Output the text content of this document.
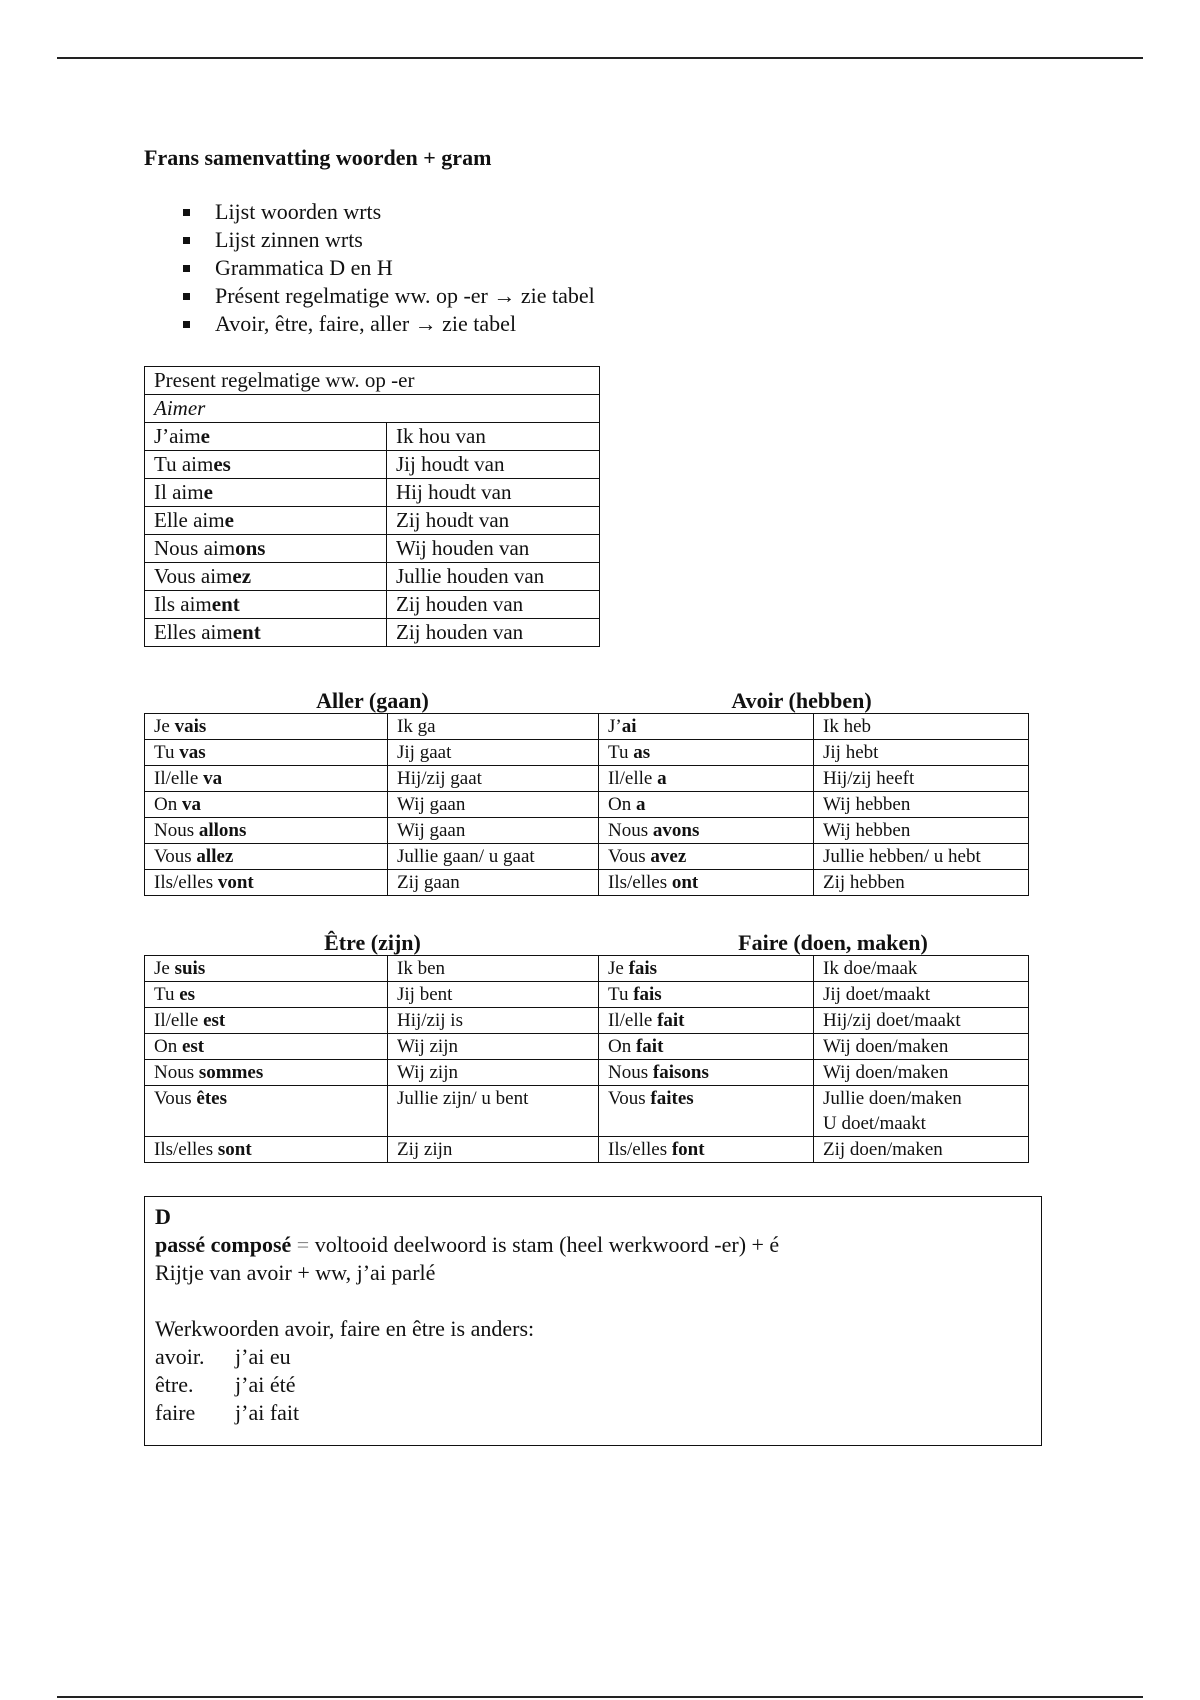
Frans samenvatting woorden + gram
Lijst woorden wrts
Lijst zinnen wrts
Grammatica D en H
Présent regelmatige ww. op -er → zie tabel
Avoir, être, faire, aller → zie tabel
Present regelmatige ww. op -er	
Aimer	
J’aime	Ik hou van
Tu aimes	Jij houdt van
Il aime	Hij houdt van
Elle aime	Zij houdt van
Nous aimons	Wij houden van
Vous aimez	Jullie houden van
Ils aiment	Zij houden van
Elles aiment	Zij houden van
Aller (gaan)	Avoir (hebben)
Je vais	Ik ga	J’ai	Ik heb

Tu vas	Jij gaat	Tu as	Jij hebt

Il/elle va	Hij/zij gaat	Il/elle a	Hij/zij heeft

On va	Wij gaan	On a	Wij hebben

Nous allons	Wij gaan	Nous avons	Wij hebben

Vous allez	Jullie gaan/ u gaat	Vous avez	Jullie hebben/ u hebt

Ils/elles vont	Zij gaan	Ils/elles ont	Zij hebben
Être (zijn)	Faire (doen, maken)
Je suis	Ik ben	Je fais	Ik doe/maak

Tu es	Jij bent	Tu fais	Jij doet/maakt

Il/elle est	Hij/zij is	Il/elle fait	Hij/zij doet/maakt

On est	Wij zijn	On fait	Wij doen/maken

Nous sommes	Wij zijn	Nous faisons	Wij doen/maken

Vous êtes	Jullie zijn/ u bent	Vous faites	Jullie doen/maken
U doet/maakt

Ils/elles sont	Zij zijn	Ils/elles font	Zij doen/maken
D
passé composé = voltooid deelwoord is stam (heel werkwoord -er) + é
Rijtje van avoir + ww, j’ai parlé
Werkwoorden avoir, faire en être is anders:
avoir. j’ai eu
être. j’ai été
faire j’ai fait
